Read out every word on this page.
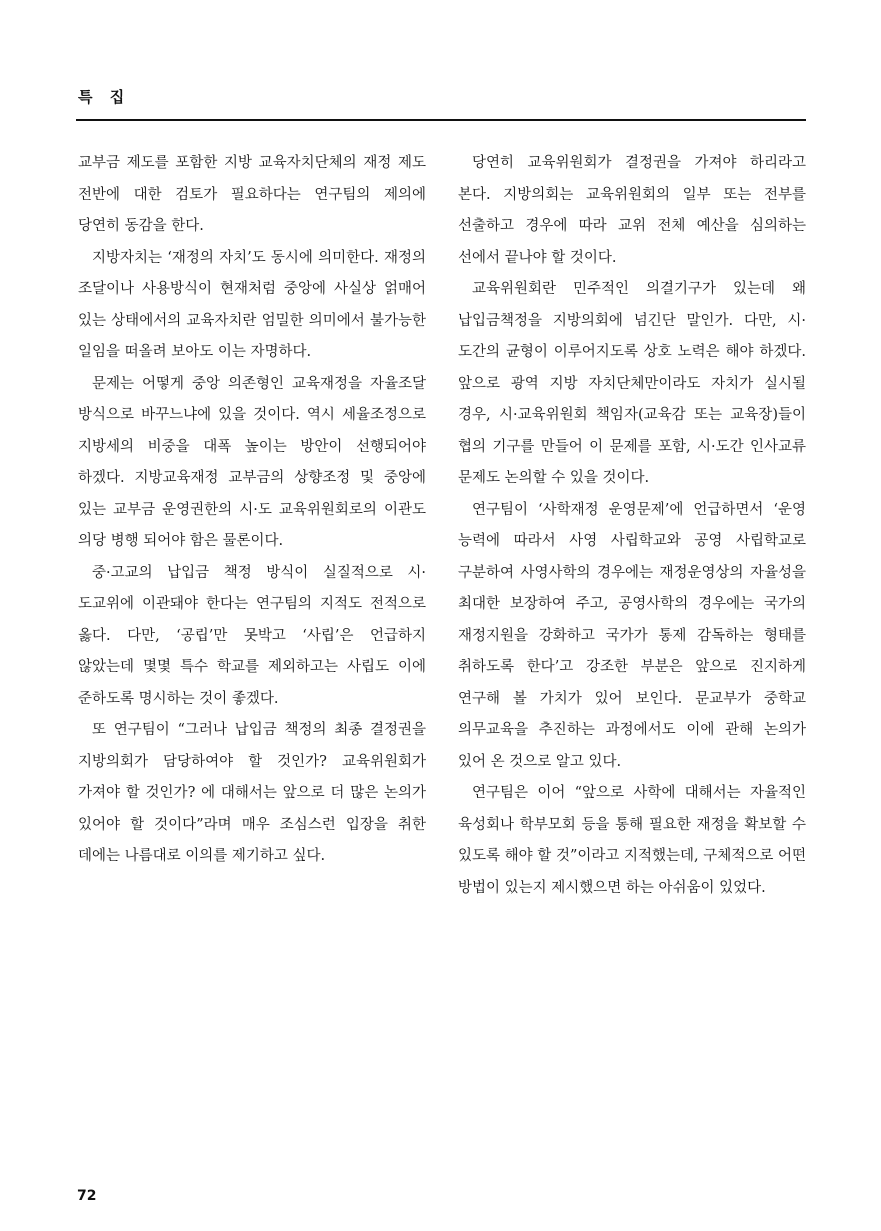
특 집

교부금 제도를 포함한 지방 교육자치단체의 재정 제도 전반에 대한 검토가 필요하다는 연구팀의 제의에 당연히 동감을 한다.

지방자치는 ‘재정의 자치’도 동시에 의미한다. 재정의 조달이나 사용방식이 현재처럼 중앙에 사실상 얽매어 있는 상태에서의 교육자치란 엄밀한 의미에서 불가능한 일임을 떠올려 보아도 이는 자명하다.

문제는 어떻게 중앙 의존형인 교육재정을 자율조달 방식으로 바꾸느냐에 있을 것이다. 역시 세율조정으로 지방세의 비중을 대폭 높이는 방안이 선행되어야 하겠다. 지방교육재정 교부금의 상향조정 및 중앙에 있는 교부금 운영권한의 시·도 교육위원회로의 이관도 의당 병행 되어야 함은 물론이다.

중·고교의 납입금 책정 방식이 실질적으로 시·도교위에 이관돼야 한다는 연구팀의 지적도 전적으로 옳다. 다만, ‘공립’만 못박고 ‘사립’은 언급하지 않았는데 몇몇 특수 학교를 제외하고는 사립도 이에 준하도록 명시하는 것이 좋겠다.

또 연구팀이 “그러나 납입금 책정의 최종 결정권을 지방의회가 담당하여야 할 것인가? 교육위원회가 가져야 할 것인가? 에 대해서는 앞으로 더 많은 논의가 있어야 할 것이다”라며 매우 조심스런 입장을 취한 데에는 나름대로 이의를 제기하고 싶다.

당연히 교육위원회가 결정권을 가져야 하리라고 본다. 지방의회는 교육위원회의 일부 또는 전부를 선출하고 경우에 따라 교위 전체 예산을 심의하는 선에서 끝나야 할 것이다.

교육위원회란 민주적인 의결기구가 있는데 왜 납입금책정을 지방의회에 넘긴단 말인가. 다만, 시·도간의 균형이 이루어지도록 상호 노력은 해야 하겠다. 앞으로 광역 지방 자치단체만이라도 자치가 실시될 경우, 시·교육위원회 책임자(교육감 또는 교육장)들이 협의 기구를 만들어 이 문제를 포함, 시·도간 인사교류 문제도 논의할 수 있을 것이다.

연구팀이 ‘사학재정 운영문제’에 언급하면서 ‘운영 능력에 따라서 사영 사립학교와 공영 사립학교로 구분하여 사영사학의 경우에는 재정운영상의 자율성을 최대한 보장하여 주고, 공영사학의 경우에는 국가의 재정지원을 강화하고 국가가 통제 감독하는 형태를 취하도록 한다’고 강조한 부분은 앞으로 진지하게 연구해 볼 가치가 있어 보인다. 문교부가 중학교 의무교육을 추진하는 과정에서도 이에 관해 논의가 있어 온 것으로 알고 있다.

연구팀은 이어 “앞으로 사학에 대해서는 자율적인 육성회나 학부모회 등을 통해 필요한 재정을 확보할 수 있도록 해야 할 것”이라고 지적했는데, 구체적으로 어떤 방법이 있는지 제시했으면 하는 아쉬움이 있었다.

72
